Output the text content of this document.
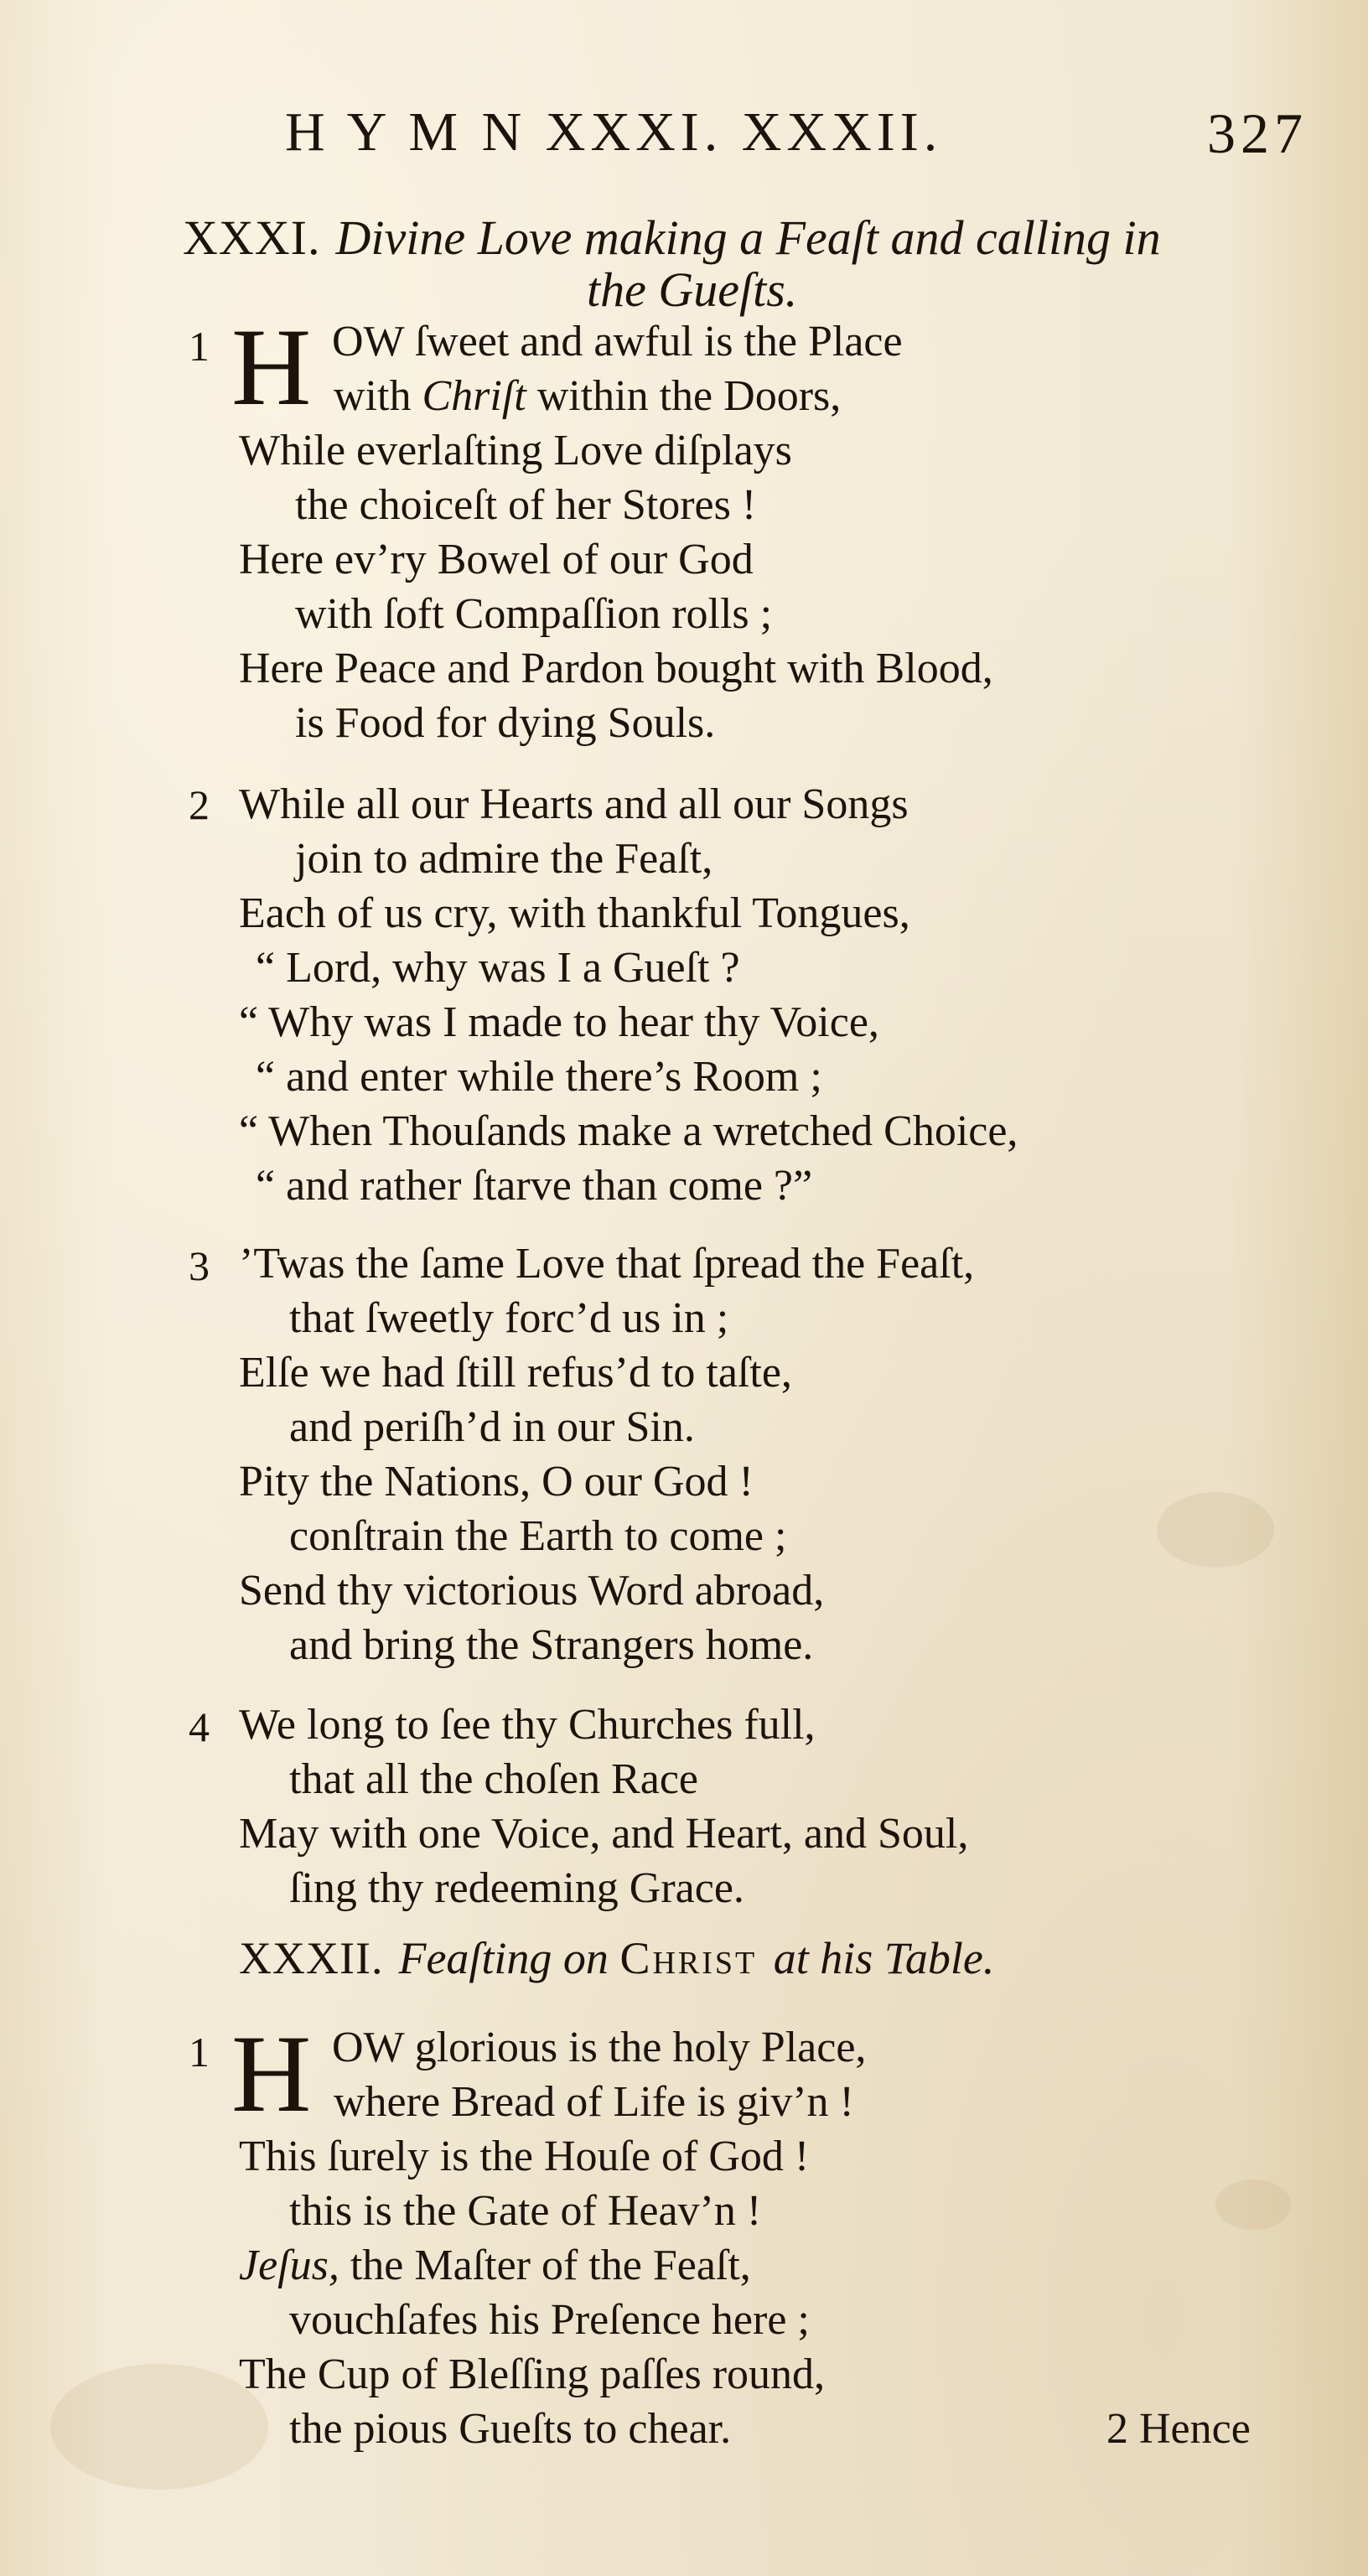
H Y M N XXXI. XXXII.	327
XXXI. Divine Love making a Feaſt and calling in
the Gueſts.
1 H OW ſweet and awful is the Place
with Chriſt within the Doors,
While everlaſting Love diſplays
the choiceſt of her Stores !
Here ev’ry Bowel of our God
with ſoft Compaſſion rolls ;
Here Peace and Pardon bought with Blood,
is Food for dying Souls.
2 While all our Hearts and all our Songs
join to admire the Feaſt,
Each of us cry, with thankful Tongues,
“ Lord, why was I a Gueſt ?
“ Why was I made to hear thy Voice,
“ and enter while there’s Room ;
“ When Thouſands make a wretched Choice,
“ and rather ſtarve than come ?”
3 ’Twas the ſame Love that ſpread the Feaſt,
that ſweetly forc’d us in ;
Elſe we had ſtill refus’d to taſte,
and periſh’d in our Sin.
Pity the Nations, O our God !
conſtrain the Earth to come ;
Send thy victorious Word abroad,
and bring the Strangers home.
4 We long to ſee thy Churches full,
that all the choſen Race
May with one Voice, and Heart, and Soul,
ſing thy redeeming Grace.
XXXII. Feaſting on Christ at his Table.
1 H OW glorious is the holy Place,
where Bread of Life is giv’n !
This ſurely is the Houſe of God !
this is the Gate of Heav’n !
Jeſus, the Maſter of the Feaſt,
vouchſafes his Preſence here ;
The Cup of Bleſſing paſſes round,
the pious Gueſts to chear.	2 Hence
